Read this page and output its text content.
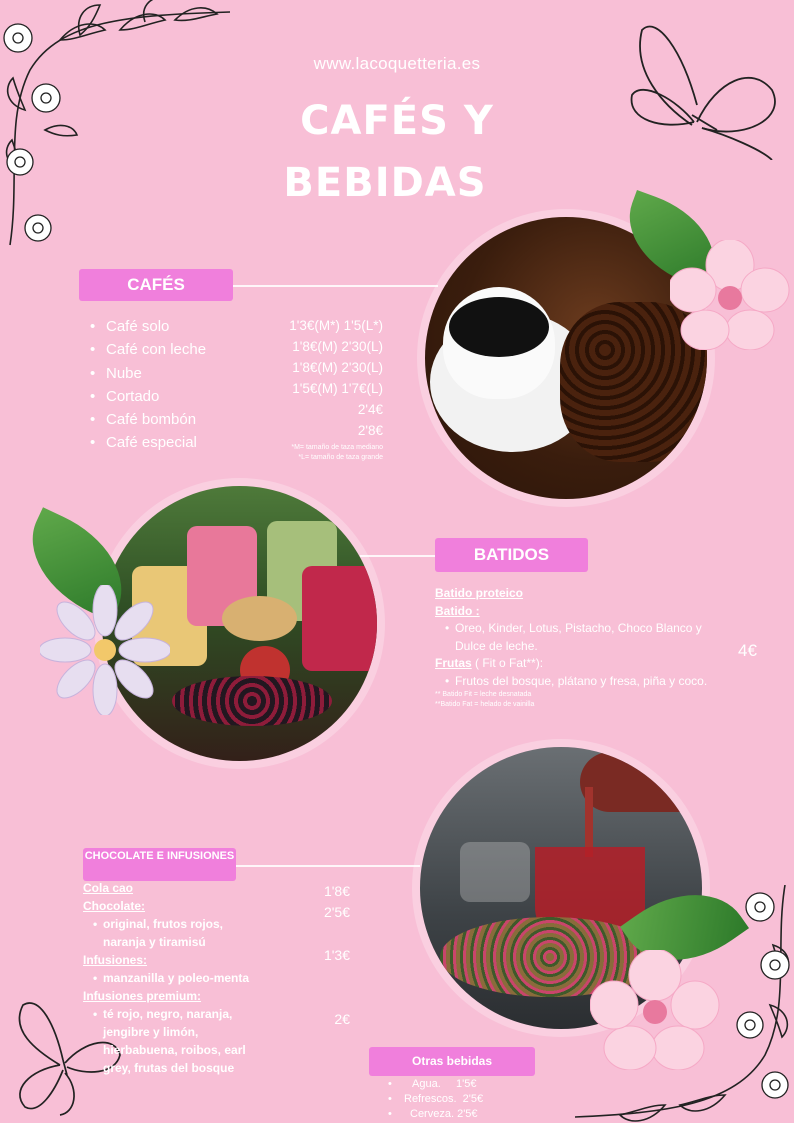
www.lacoquetteria.es
CAFÉS Y
BEBIDAS
CAFÉS
• Café solo
• Café con leche
• Nube
• Cortado
• Café bombón
• Café especial
1'3€(M*) 1'5(L*)
1'8€(M) 2'30(L)
1'8€(M) 2'30(L)
1'5€(M) 1'7€(L)
2'4€
2'8€
*M= tamaño de taza mediano
*L= tamaño de taza grande
BATIDOS
Batido proteico
Batido :
• Oreo, Kinder, Lotus, Pistacho, Choco Blanco y Dulce de leche.
Frutas ( Fit o Fat**):
• Frutos del bosque, plátano y fresa, piña y coco.
** Batido Fit = leche desnatada
**Batido Fat = helado de vainilla
4€
CHOCOLATE E INFUSIONES
Cola cao
Chocolate:
• original, frutos rojos, naranja y tiramisú
Infusiones:
• manzanilla y poleo-menta
Infusiones premium:
• té rojo, negro, naranja, jengibre y limón, hierbabuena, roibos, earl grey, frutas del bosque
1'8€
2'5€
1'3€
2€
Otras bebidas
• Agua.     1'5€
• Refrescos.  2'5€
• Cerveza. 2'5€
